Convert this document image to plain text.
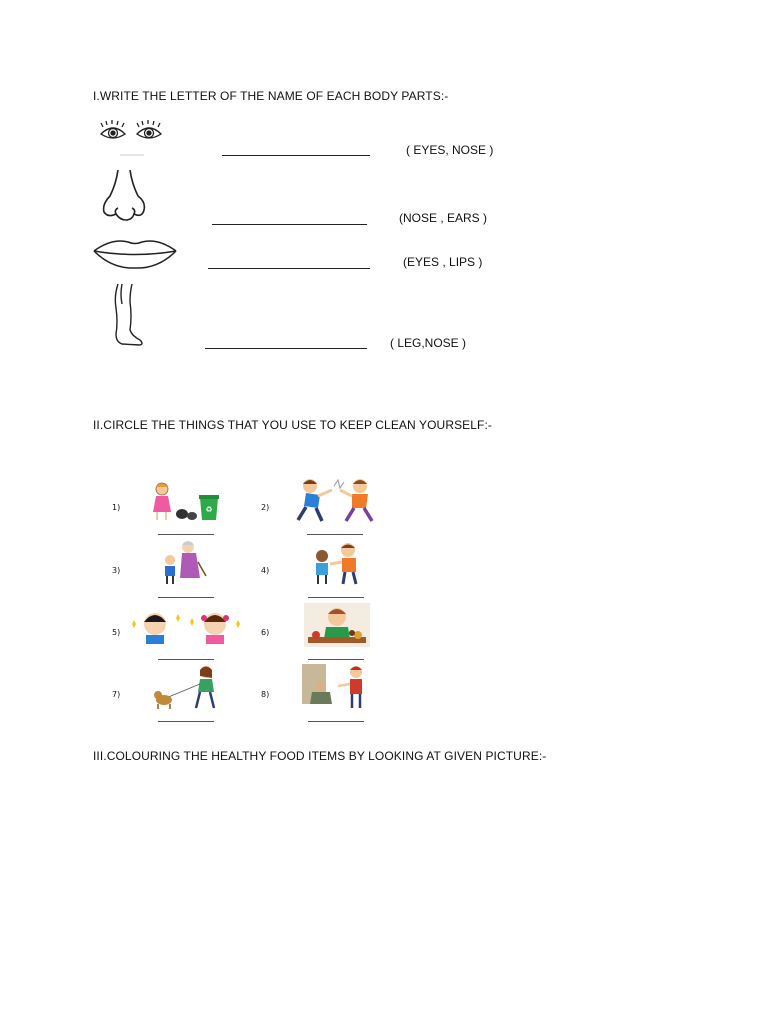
I.WRITE THE LETTER OF THE NAME OF EACH BODY PARTS:-
( EYES, NOSE )
(NOSE , EARS )
(EYES , LIPS )
( LEG,NOSE )
II.CIRCLE THE THINGS THAT YOU USE TO KEEP CLEAN YOURSELF:-
1)	♻	2)
3)	4)
5)	6)
7)	8)
III.COLOURING THE HEALTHY FOOD ITEMS BY LOOKING AT GIVEN PICTURE:-
